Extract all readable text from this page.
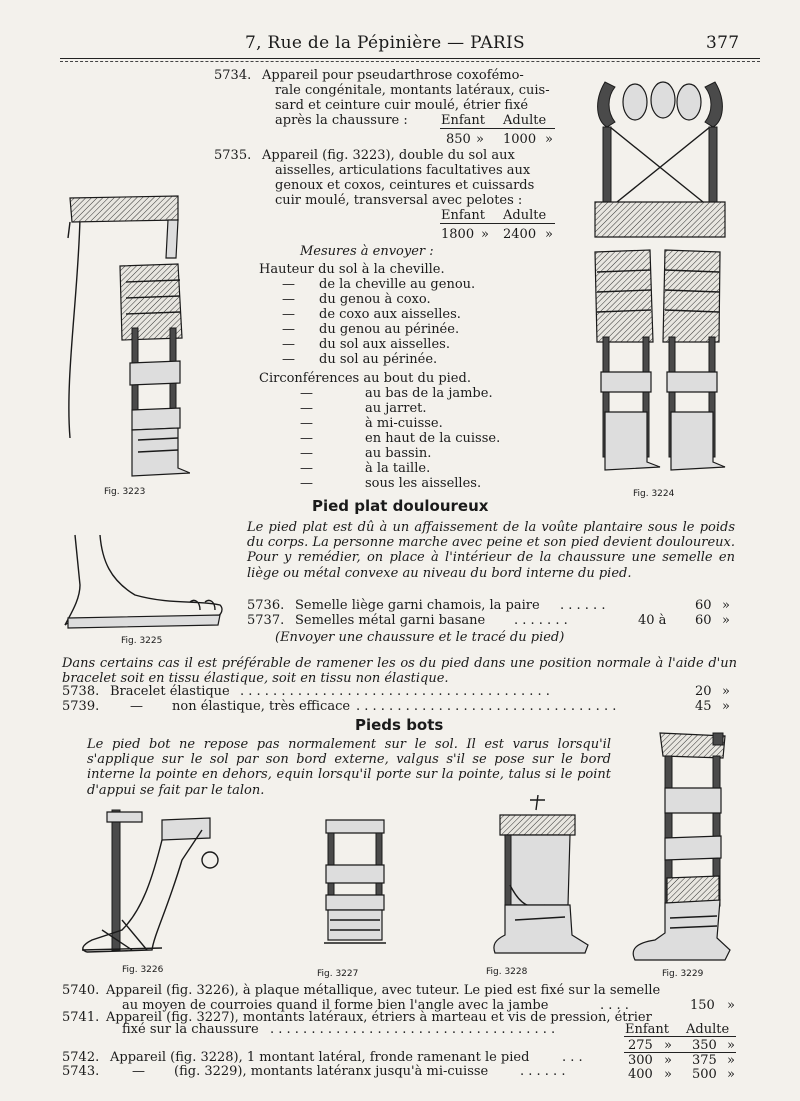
7, Rue de la Pépinière — PARIS	377
5734. Appareil pour pseudarthrose coxofémo-
rale congénitale, montants latéraux, cuis-
sard et ceinture cuir moulé, étrier fixé
après la chaussure :	Enfant Adulte
850 » 1000 »
5735. Appareil (fig. 3223), double du sol aux
aisselles, articulations facultatives aux
genoux et coxos, ceintures et cuissards
cuir moulé, transversal avec pelotes :
Enfant Adulte
1800 » 2400 »
Mesures à envoyer :
Hauteur du sol à la cheville.
— de la cheville au genou.
— du genou à coxo.
— de coxo aux aisselles.
— du genou au périnée.
— du sol aux aisselles.
— du sol au périnée.
Circonférences au bout du pied.
—	au bas de la jambe.
—	au jarret.
—	à mi-cuisse.
—	en haut de la cuisse.
—	au bassin.
—	à la taille.
—	sous les aisselles.
Fig. 3223	Fig. 3224
Pied plat douloureux
Le pied plat est dû à un affaissement de la voûte plantaire sous le poids du corps. La personne marche avec peine et son pied devient douloureux. Pour y remédier, on place à l'intérieur de la chaussure une semelle en liège ou métal convexe au niveau du bord interne du pied.
Fig. 3225
5736. Semelle liège garni chamois, la paire . . . . . .	60 »
5737. Semelles métal garni basane . . . . . . .	40 à 60 »
(Envoyer une chaussure et le tracé du pied)
Dans certains cas il est préférable de ramener les os du pied dans une position normale à l'aide d'un bracelet soit en tissu élastique, soit en tissu non élastique.
5738. Bracelet élastique . . . . . . . . . . . . . . . . . . . . . . . . . . . . . . . . . . . . . .	20 »
5739. — non élastique, très efficace . . . . . . . . . . . . . . . . . . . . . . . . . . . . . . . .	45 »
Pieds bots
Le pied bot ne repose pas normalement sur le sol. Il est varus lorsqu'il s'applique sur le sol par son bord externe, valgus s'il se pose sur le bord interne la pointe en dehors, equin lorsqu'il porte sur la pointe, talus si le point d'appui se fait par le talon.
Fig. 3229
Fig. 3226	Fig. 3227	Fig. 3228
5740. Appareil (fig. 3226), à plaque métallique, avec tuteur. Le pied est fixé sur la semelle
au moyen de courroies quand il forme bien l'angle avec la jambe	. . . .	150 »
5741. Appareil (fig. 3227), montants latéraux, étriers à marteau et vis de pression, étrier
fixé sur la chaussure . . . . . . . . . . . . . . . . . . . . . . . . . . . . . . . . . . .	Enfant Adulte
275 » 350 »
5742. Appareil (fig. 3228), 1 montant latéral, fronde ramenant le pied	. . .	300 » 375 »
5743.	— (fig. 3229), montants latéranx jusqu'à mi-cuisse . . . . . .	400 » 500 »
